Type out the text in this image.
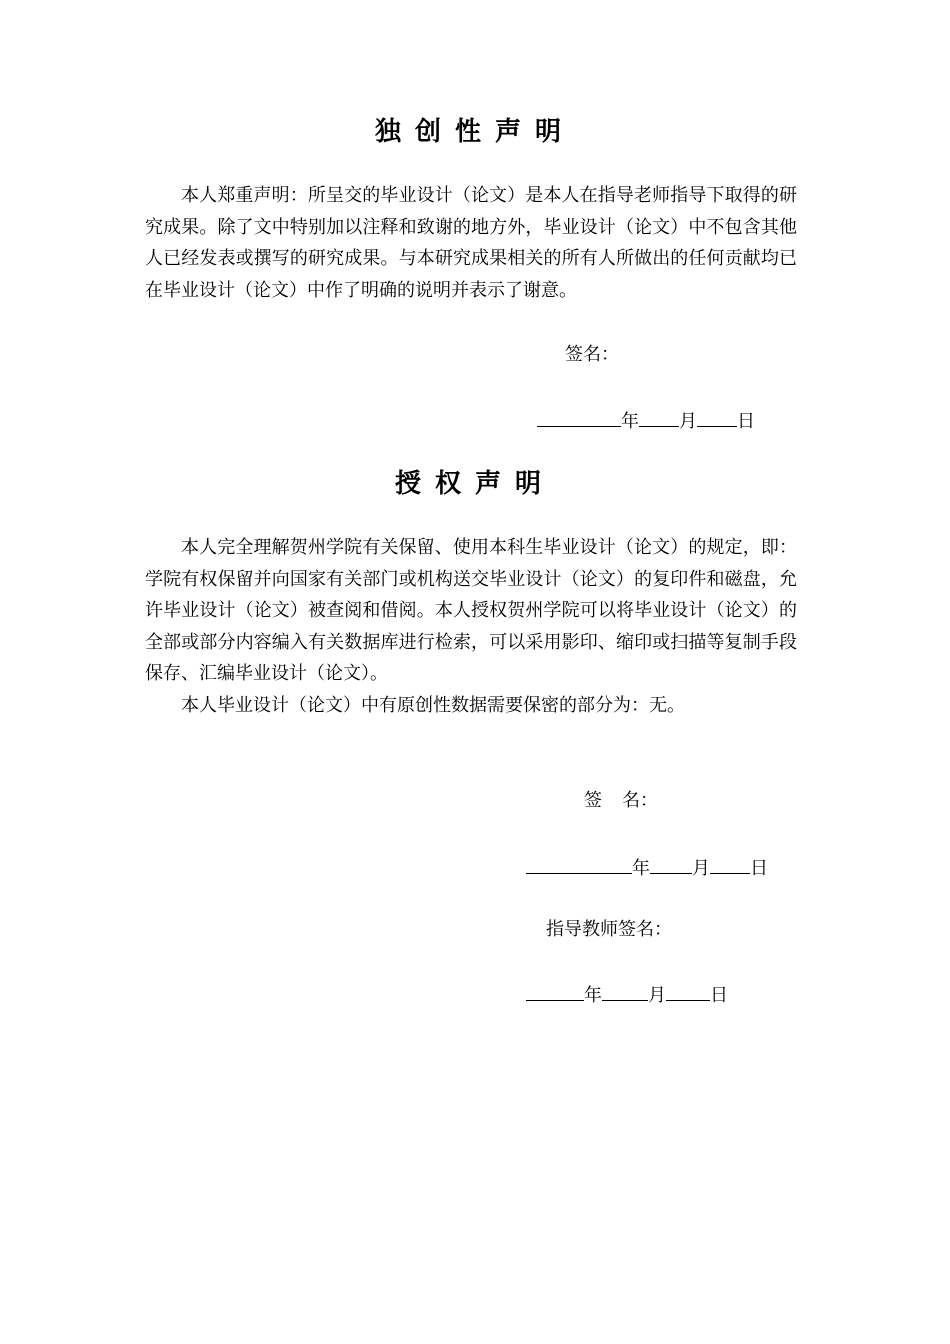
独创性声明

本人郑重声明：所呈交的毕业设计（论文）是本人在指导老师指导下取得的研究成果。除了文中特别加以注释和致谢的地方外，毕业设计（论文）中不包含其他人已经发表或撰写的研究成果。与本研究成果相关的所有人所做出的任何贡献均已在毕业设计（论文）中作了明确的说明并表示了谢意。

签名：
年 月 日
授权声明

本人完全理解贺州学院有关保留、使用本科生毕业设计（论文）的规定，即：学院有权保留并向国家有关部门或机构送交毕业设计（论文）的复印件和磁盘，允许毕业设计（论文）被查阅和借阅。本人授权贺州学院可以将毕业设计（论文）的全部或部分内容编入有关数据库进行检索，可以采用影印、缩印或扫描等复制手段保存、汇编毕业设计（论文）。

本人毕业设计（论文）中有原创性数据需要保密的部分为：无。

签 名：
年 月 日
指导教师签名：
年	月 日
